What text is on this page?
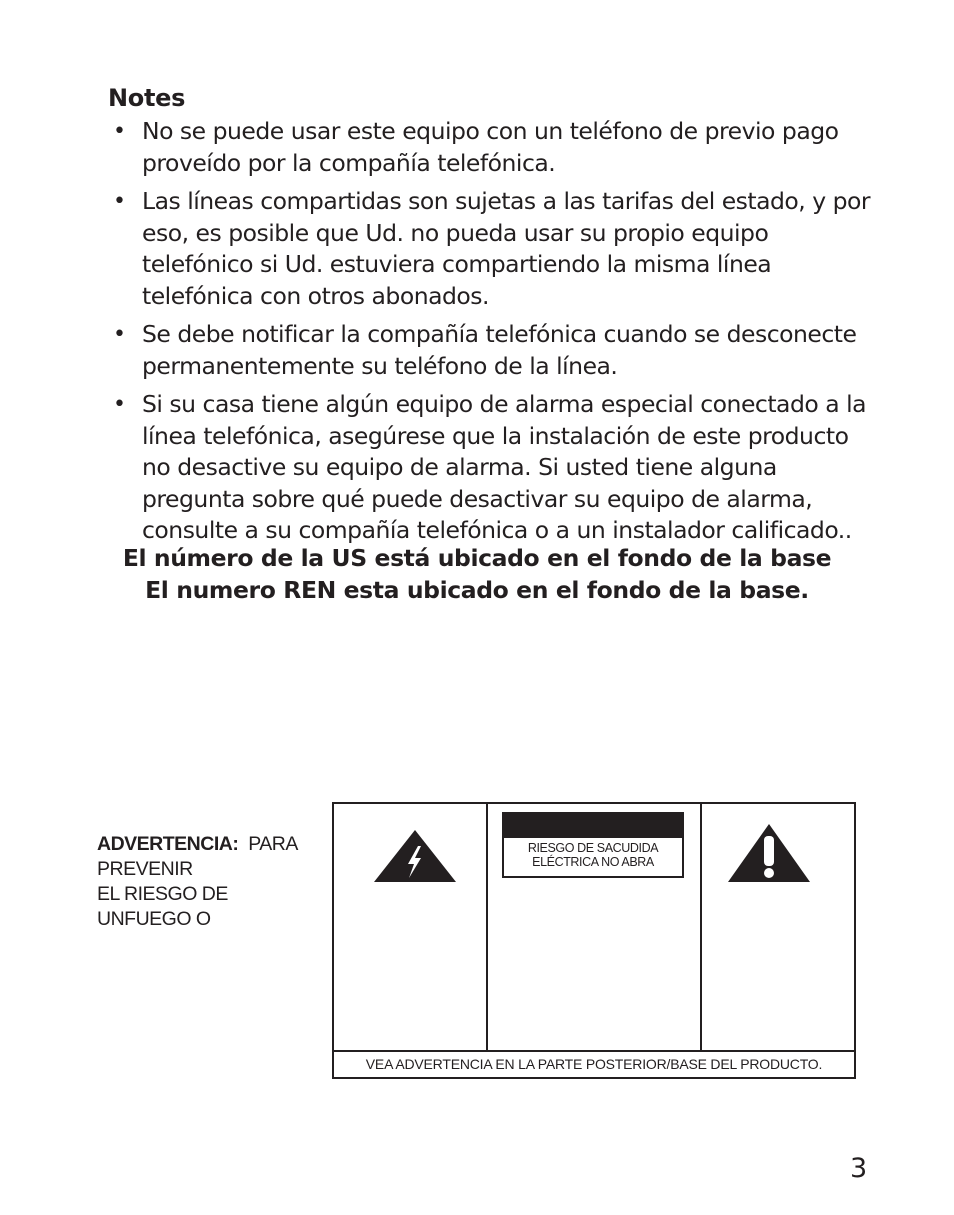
Notes
• No se puede usar este equipo con un teléfono de previo pago proveído por la compañía telefónica.
• Las líneas compartidas son sujetas a las tarifas del estado, y por eso, es posible que Ud. no pueda usar su propio equipo telefónico si Ud. estuviera compartiendo la misma línea telefónica con otros abonados.
• Se debe notificar la compañía telefónica cuando se desconecte permanentemente su teléfono de la línea.
• Si su casa tiene algún equipo de alarma especial conectado a la línea telefónica, asegúrese que la instalación de este producto no desactive su equipo de alarma. Si usted tiene alguna pregunta sobre qué puede desactivar su equipo de alarma, consulte a su compañía telefónica o a un instalador calificado..
El número de la US está ubicado en el fondo de la base
El numero REN esta ubicado en el fondo de la base.
ADVERTENCIA: PARA
PREVENIR
EL RIESGO DE
UNFUEGO O
RIESGO DE SACUDIDA
ELÉCTRICA NO ABRA
VEA ADVERTENCIA EN LA PARTE POSTERIOR/BASE DEL PRODUCTO.
3
